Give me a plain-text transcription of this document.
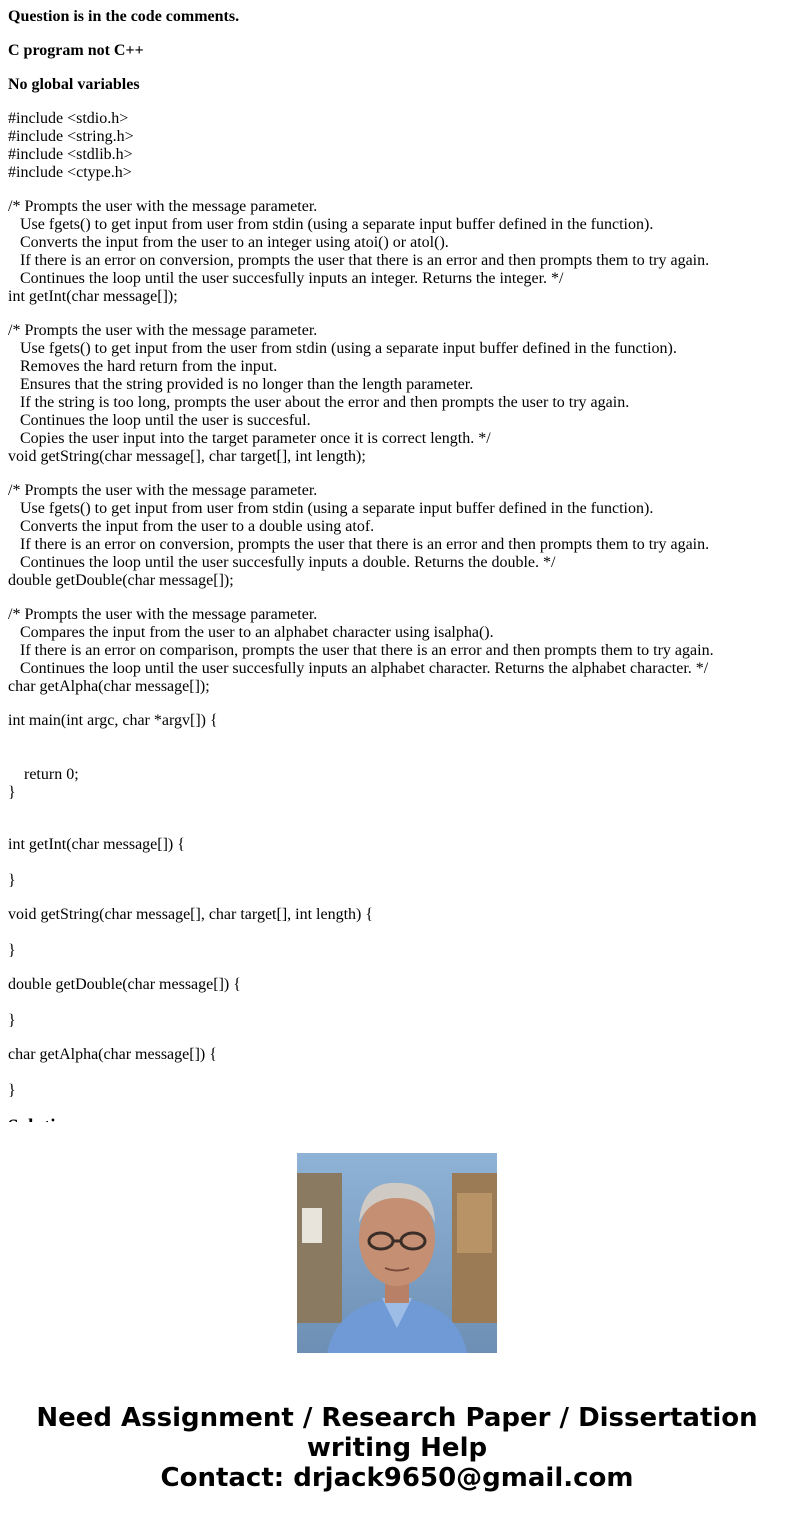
Question is in the code comments.

C program not C++

No global variables

#include <stdio.h>
#include <string.h>
#include <stdlib.h>
#include <ctype.h>
/* Prompts the user with the message parameter.
Use fgets() to get input from user from stdin (using a separate input buffer defined in the function).
Converts the input from the user to an integer using atoi() or atol().
If there is an error on conversion, prompts the user that there is an error and then prompts them to try again.
Continues the loop until the user succesfully inputs an integer. Returns the integer. */
int getInt(char message[]);
/* Prompts the user with the message parameter.
Use fgets() to get input from the user from stdin (using a separate input buffer defined in the function).
Removes the hard return from the input.
Ensures that the string provided is no longer than the length parameter.
If the string is too long, prompts the user about the error and then prompts the user to try again.
Continues the loop until the user is succesful.
Copies the user input into the target parameter once it is correct length. */
void getString(char message[], char target[], int length);
/* Prompts the user with the message parameter.
Use fgets() to get input from user from stdin (using a separate input buffer defined in the function).
Converts the input from the user to a double using atof.
If there is an error on conversion, prompts the user that there is an error and then prompts them to try again.
Continues the loop until the user succesfully inputs a double. Returns the double. */
double getDouble(char message[]);
/* Prompts the user with the message parameter.
Compares the input from the user to an alphabet character using isalpha().
If there is an error on comparison, prompts the user that there is an error and then prompts them to try again.
Continues the loop until the user succesfully inputs an alphabet character. Returns the alphabet character. */
char getAlpha(char message[]);
int main(int argc, char *argv[]) {
return 0;
}
int getInt(char message[]) {
}
void getString(char message[], char target[], int length) {
}
double getDouble(char message[]) {
}
char getAlpha(char message[]) {
}
Need Assignment / Research Paper / Dissertation
writing Help
Contact: drjack9650@gmail.com
